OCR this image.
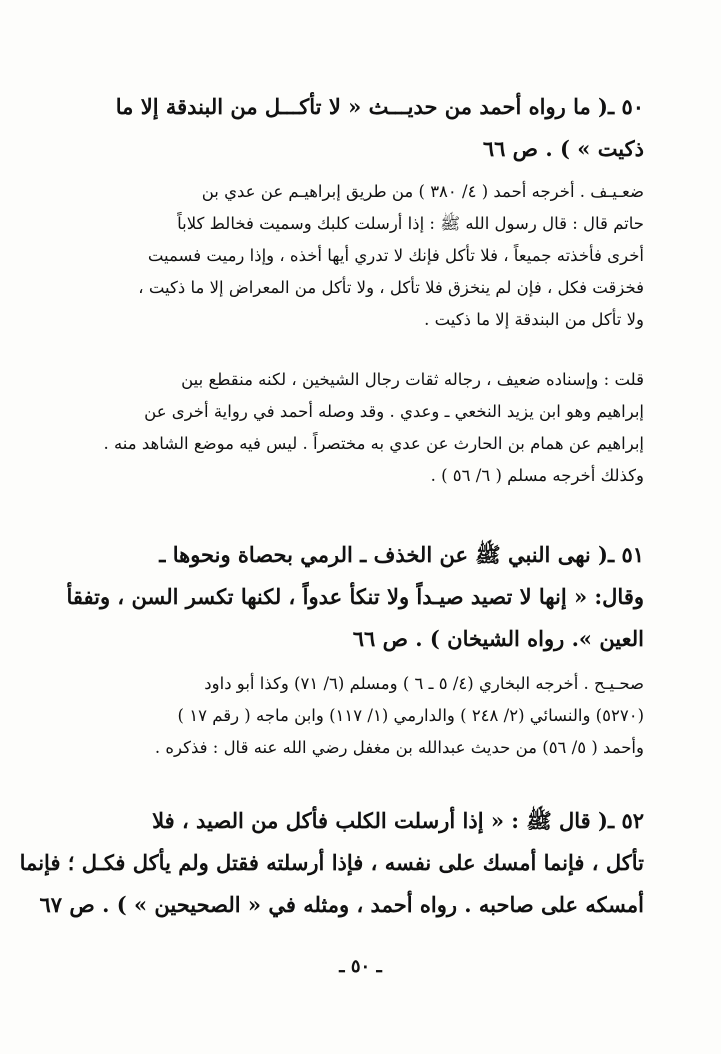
٥٠ ـ( ما رواه أحمد من حديـــث « لا تأكـــل من البندقة إلا ما
ذكيت » ) . ص ٦٦
ضعـيـف . أخرجه أحمد ( ٤/ ٣٨٠ ) من طريق إبراهيـم عن عدي بن
حاتم قال : قال رسول الله ﷺ : إذا أرسلت كلبك وسميت فخالط كلاباً
أخرى فأخذته جميعاً ، فلا تأكل فإنك لا تدري أيها أخذه ، وإذا رميت فسميت
فخزقت فكل ، فإن لم ينخزق فلا تأكل ، ولا تأكل من المعراض إلا ما ذكيت ،
ولا تأكل من البندقة إلا ما ذكيت .
قلت : وإسناده ضعيف ، رجاله ثقات رجال الشيخين ، لكنه منقطع بين
إبراهيم وهو ابن يزيد النخعي ـ وعدي . وقد وصله أحمد في رواية أخرى عن
إبراهيم عن همام بن الحارث عن عدي به مختصراً . ليس فيه موضع الشاهد منه .
وكذلك أخرجه مسلم ( ٦/ ٥٦ ) .
٥١ ـ( نهى النبي ﷺ عن الخذف ـ الرمي بحصاة ونحوها ـ
وقال: « إنها لا تصيد صيـداً ولا تنكأ عدواً ، لكنها تكسر السن ، وتفقأ
العين ». رواه الشيخان ) . ص ٦٦
صحـيـح . أخرجه البخاري (٤/ ٥ ـ ٦ ) ومسلم (٦/ ٧١) وكذا أبو داود
(٥٢٧٠) والنسائي (٢/ ٢٤٨ ) والدارمي (١/ ١١٧) وابن ماجه ( رقم ١٧ )
وأحمد ( ٥/ ٥٦) من حديث عبدالله بن مغفل رضي الله عنه قال : فذكره .
٥٢ ـ( قال ﷺ : « إذا أرسلت الكلب فأكل من الصيد ، فلا
تأكل ، فإنما أمسك على نفسه ، فإذا أرسلته فقتل ولم يأكل فكـل ؛ فإنما
أمسكه على صاحبه . رواه أحمد ، ومثله في « الصحيحين » ) . ص ٦٧
ـ ٥٠ ـ
